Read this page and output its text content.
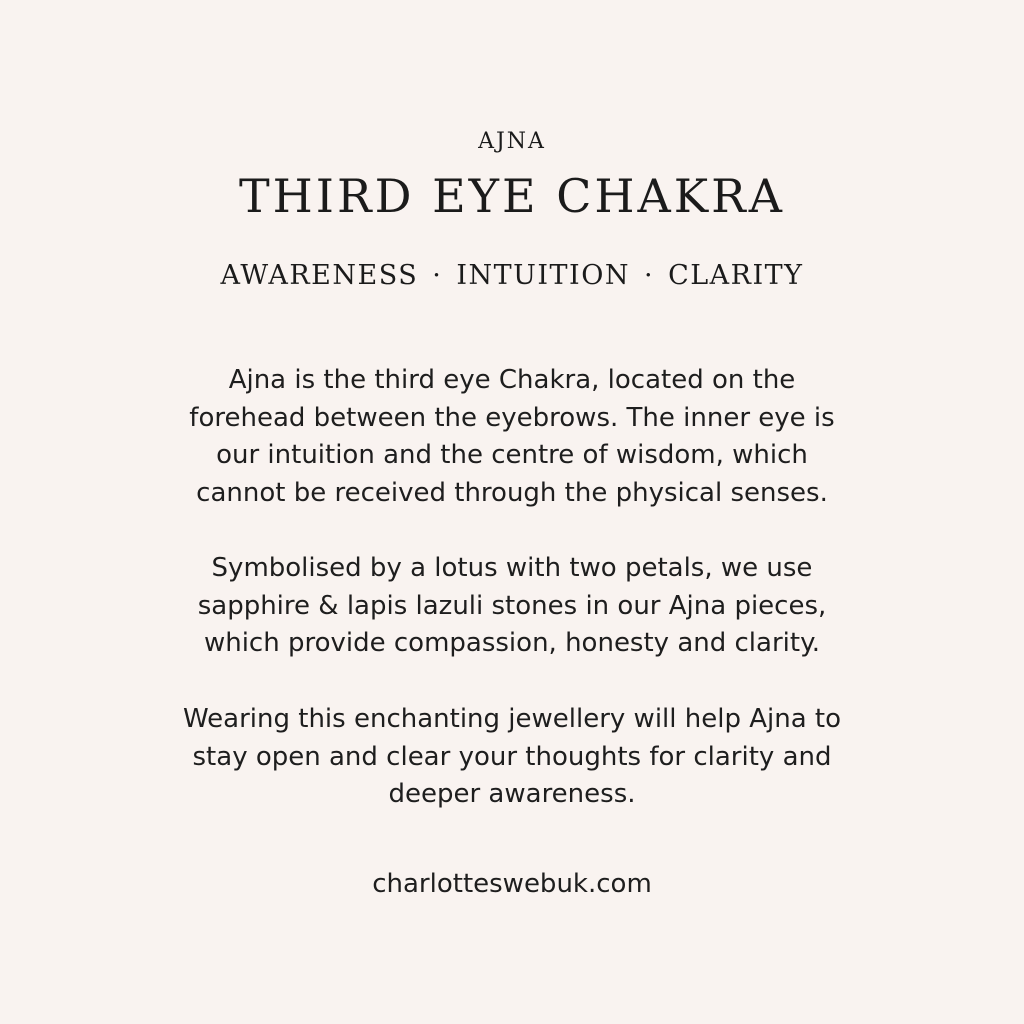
AJNA

THIRD EYE CHAKRA

AWARENESS · INTUITION · CLARITY

Ajna is the third eye Chakra, located on the
forehead between the eyebrows. The inner eye is
our intuition and the centre of wisdom, which
cannot be received through the physical senses.

Symbolised by a lotus with two petals, we use
sapphire & lapis lazuli stones in our Ajna pieces,
which provide compassion, honesty and clarity.

Wearing this enchanting jewellery will help Ajna to
stay open and clear your thoughts for clarity and
deeper awareness.

charlotteswebuk.com
